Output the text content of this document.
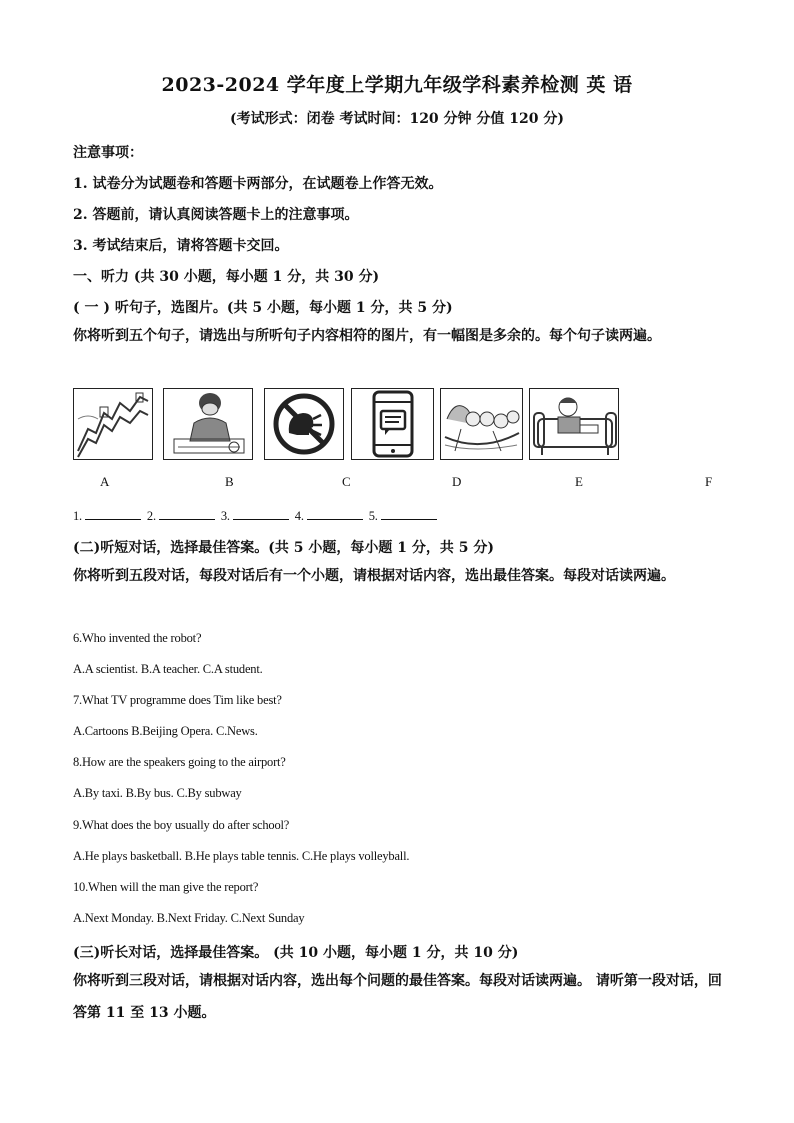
2023-2024 学年度上学期九年级学科素养检测 英 语
(考试形式：闭卷 考试时间：120 分钟 分值 120 分)
注意事项：
1. 试卷分为试题卷和答题卡两部分，在试题卷上作答无效。
2. 答题前，请认真阅读答题卡上的注意事项。
3. 考试结束后，请将答题卡交回。
一、听力 (共 30 小题，每小题 1 分，共 30 分)
( 一 ) 听句子，选图片。(共 5 小题，每小题 1 分，共 5 分)
你将听到五个句子，请选出与所听句子内容相符的图片，有一幅图是多余的。每个句子读两遍。
A	B	C	D	E	F
1.	2.	3.	4.	5.
(二)听短对话，选择最佳答案。(共 5 小题，每小题 1 分，共 5 分)
你将听到五段对话，每段对话后有一个小题，请根据对话内容，选出最佳答案。每段对话读两遍。
6.Who invented the robot?
A.A scientist. B.A teacher. C.A student.
7.What TV programme does Tim like best?
A.Cartoons B.Beijing Opera. C.News.
8.How are the speakers going to the airport?
A.By taxi. B.By bus. C.By subway
9.What does the boy usually do after school?
A.He plays basketball. B.He plays table tennis. C.He plays volleyball.
10.When will the man give the report?
A.Next Monday. B.Next Friday. C.Next Sunday
(三)听长对话，选择最佳答案。 (共 10 小题，每小题 1 分，共 10 分)
你将听到三段对话，请根据对话内容，选出每个问题的最佳答案。每段对话读两遍。 请听第一段对话，回答第 11 至 13 小题。
